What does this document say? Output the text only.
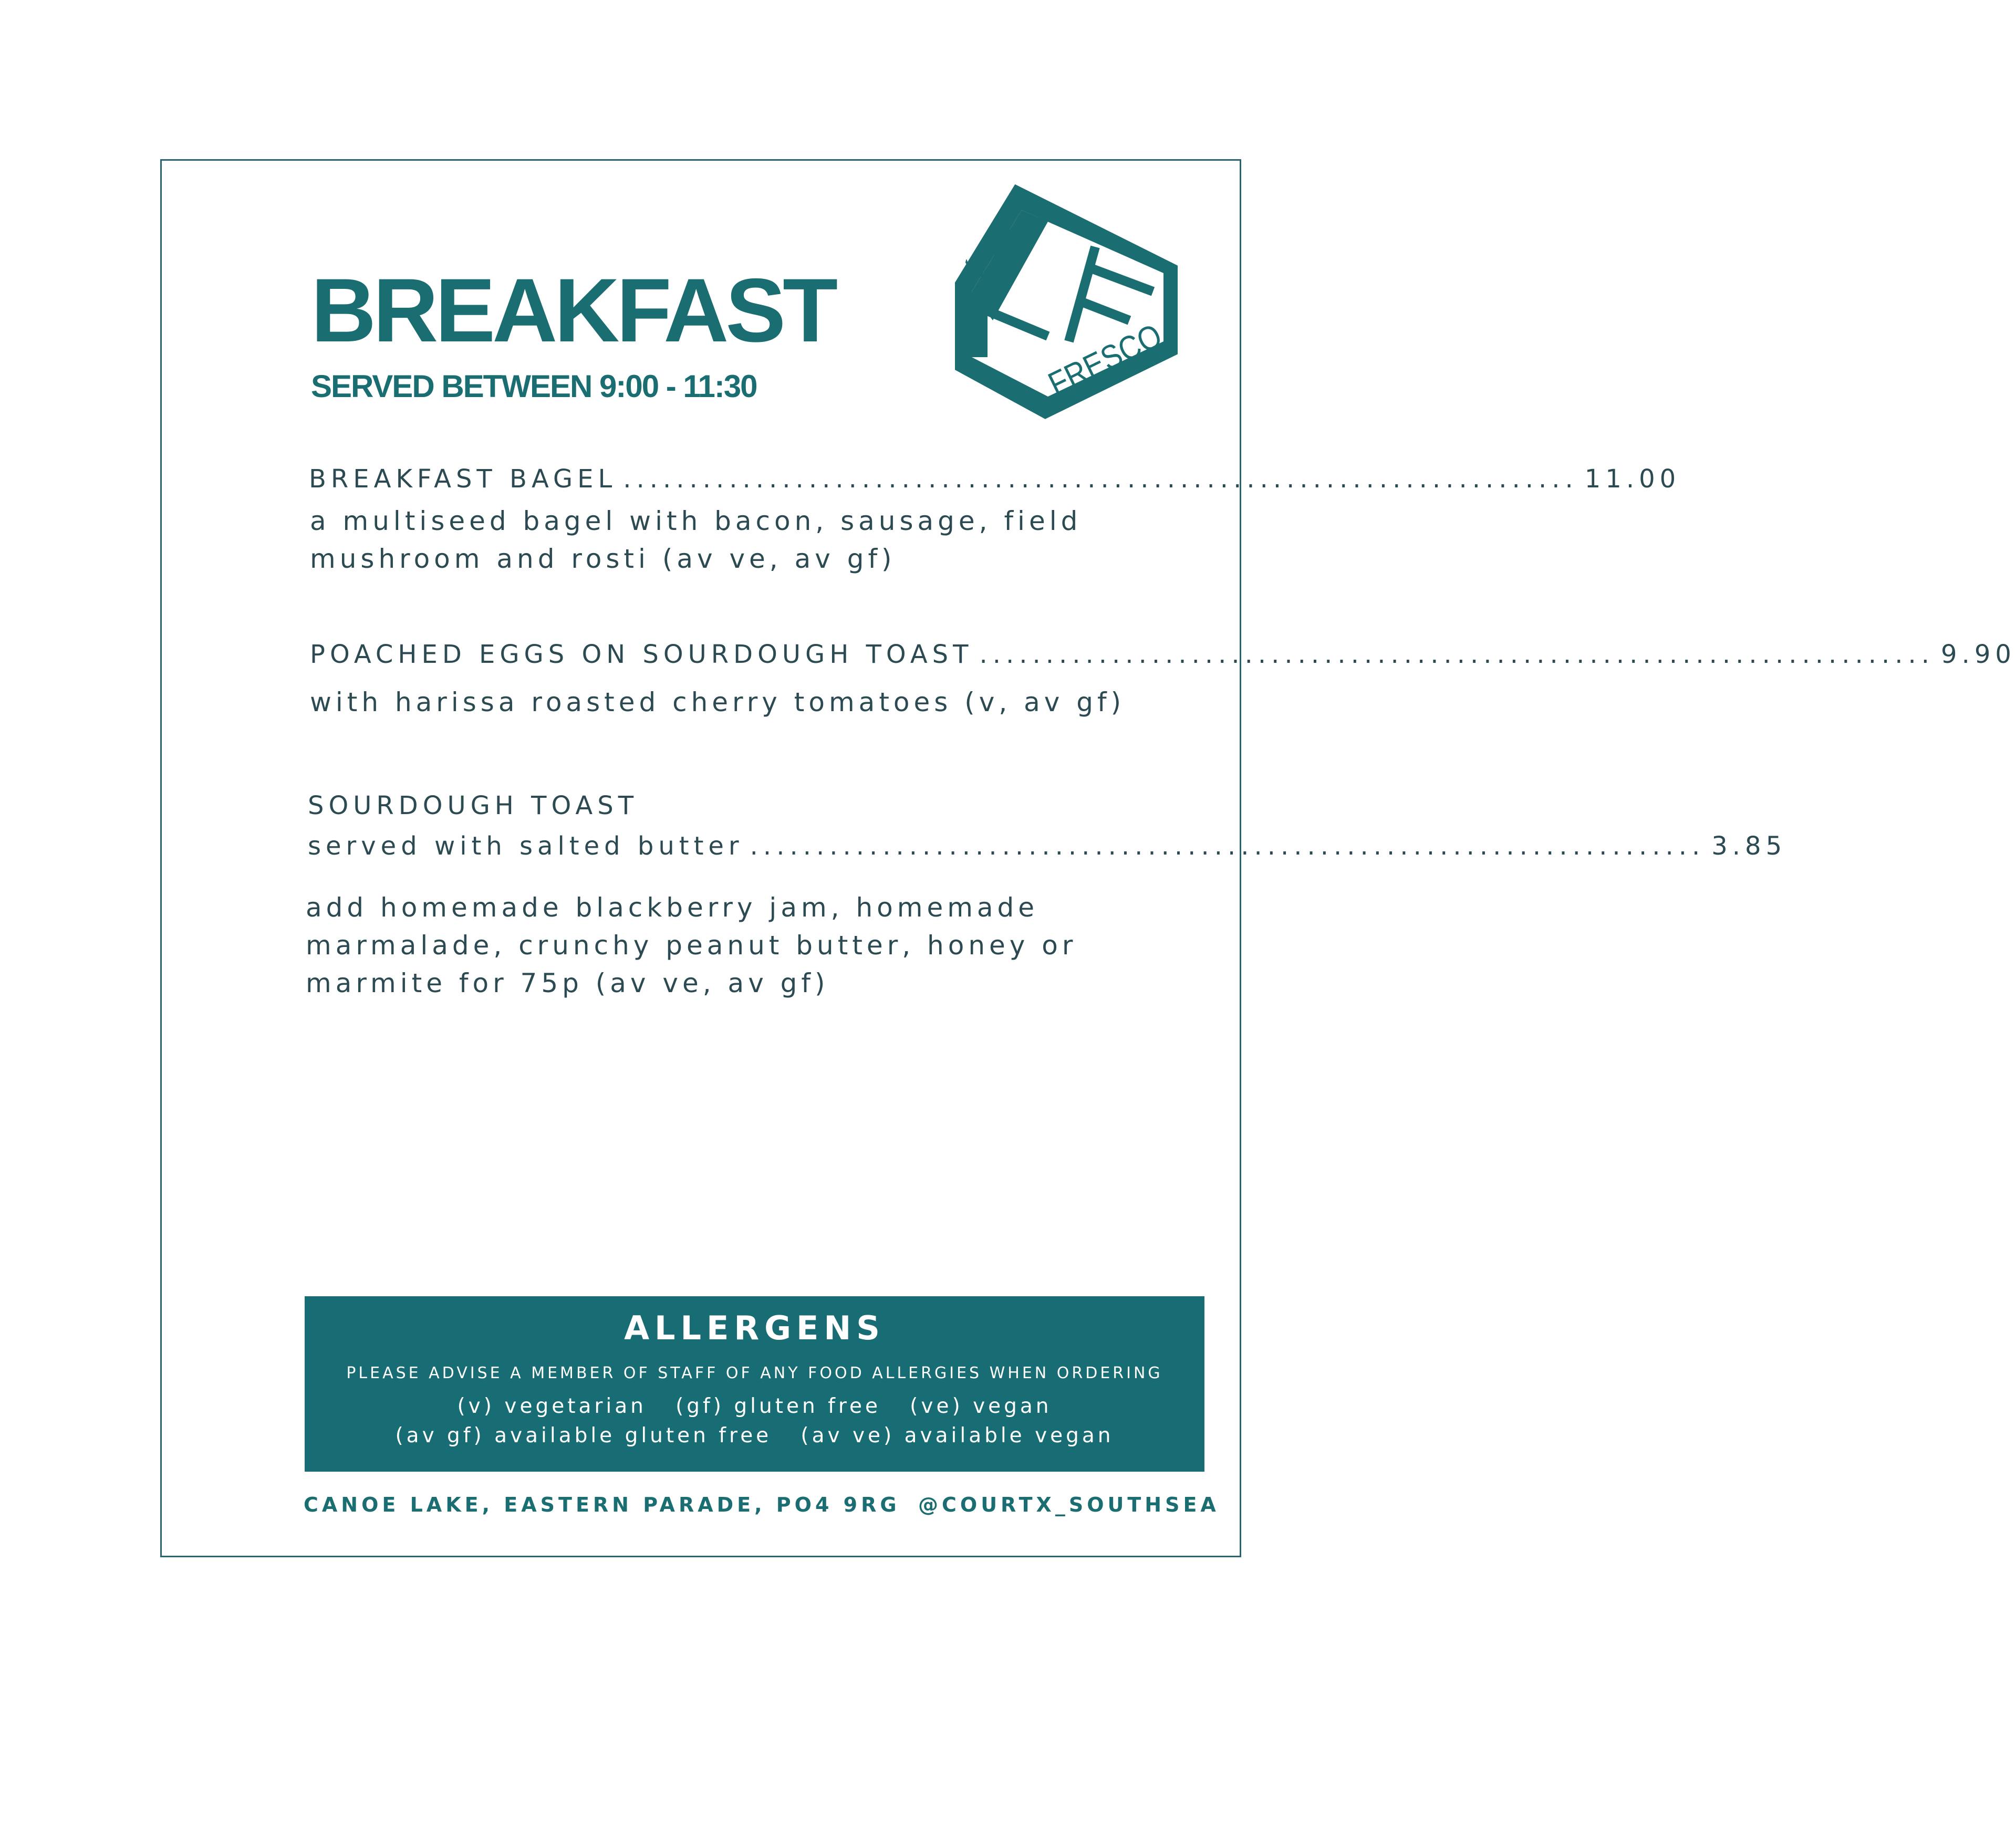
BREAKFAST
SERVED BETWEEN 9:00 - 11:30
CAFÉ
FRESCO
BREAKFAST BAGEL ........................................................................ 11.00
a multiseed bagel with bacon, sausage, field
mushroom and rosti (av ve, av gf)
POACHED EGGS ON SOURDOUGH TOAST ........................................................................ 9.90
with harissa roasted cherry tomatoes (v, av gf)
SOURDOUGH TOAST
served with salted butter ........................................................................ 3.85
add homemade blackberry jam, homemade
marmalade, crunchy peanut butter, honey or
marmite for 75p (av ve, av gf)
ALLERGENS
PLEASE ADVISE A MEMBER OF STAFF OF ANY FOOD ALLERGIES WHEN ORDERING
(v) vegetarian   (gf) gluten free   (ve) vegan
(av gf) available gluten free   (av ve) available vegan
CANOE LAKE, EASTERN PARADE, PO4 9RG @COURTX_SOUTHSEA
